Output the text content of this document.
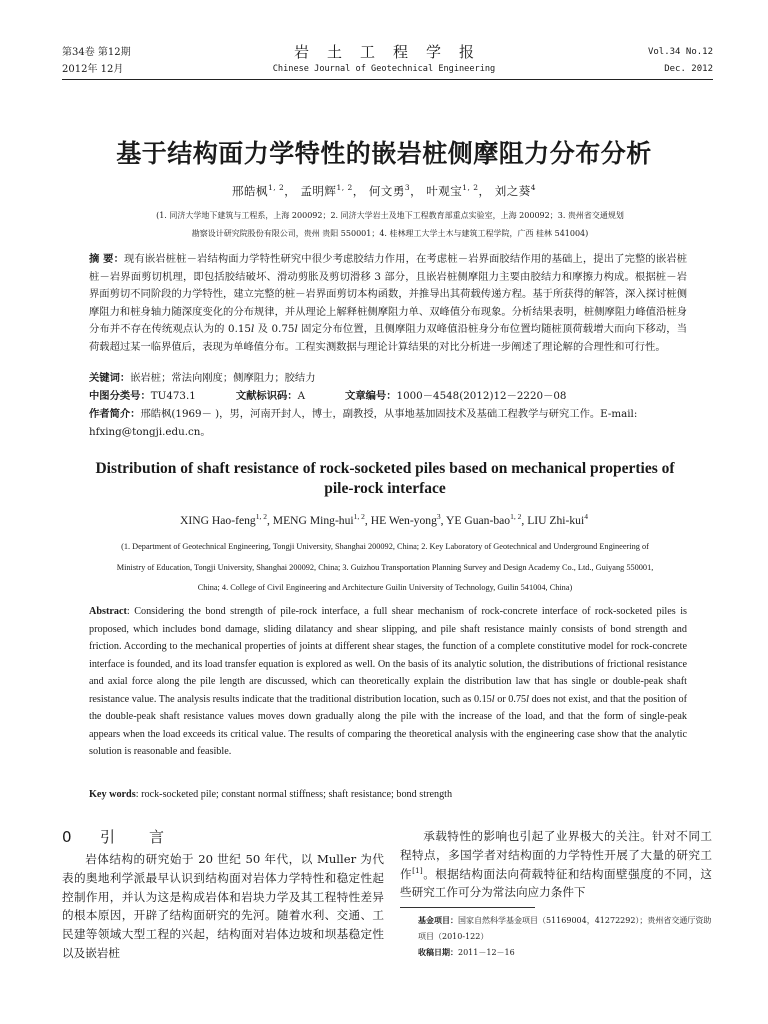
第34卷 第12期
2012年 12月
岩土工程学报
Chinese Journal of Geotechnical Engineering
Vol.34 No.12
Dec. 2012
基于结构面力学特性的嵌岩桩侧摩阻力分布分析
邢皓枫$^{1, 2}$， 孟明辉$^{1, 2}$， 何文勇$^3$， 叶观宝$^{1, 2}$， 刘之葵$^4$
(1. 同济大学地下建筑与工程系，上海 200092；2. 同济大学岩土及地下工程教育部重点实验室，上海 200092；3. 贵州省交通规划
勘察设计研究院股份有限公司，贵州 贵阳 550001；4. 桂林理工大学土木与建筑工程学院，广西 桂林 541004)
摘 要：现有嵌岩桩桩－岩结构面力学特性研究中很少考虑胶结力作用，在考虑桩－岩界面胶结作用的基础上，提出了完整的嵌岩桩桩－岩界面剪切机理，即包括胶结破坏、滑动剪胀及剪切滑移 3 部分，且嵌岩桩侧摩阻力主要由胶结力和摩擦力构成。根据桩－岩界面剪切不同阶段的力学特性，建立完整的桩－岩界面剪切本构函数，并推导出其荷载传递方程。基于所获得的解答，深入探讨桩侧摩阻力和桩身轴力随深度变化的分布规律，并从理论上解释桩侧摩阻力单、双峰值分布现象。分析结果表明，桩侧摩阻力峰值沿桩身分布并不存在传统观点认为的 0.15l 及 0.75l 固定分布位置，且侧摩阻力双峰值沿桩身分布位置均随桩顶荷载增大而向下移动，当荷载超过某一临界值后，表现为单峰值分布。工程实测数据与理论计算结果的对比分析进一步阐述了理论解的合理性和可行性。
关键词：嵌岩桩；常法向刚度；侧摩阻力；胶结力
中图分类号：TU473.1	文献标识码：A	文章编号：1000－4548(2012)12－2220－08
作者简介：邢皓枫(1969－ )，男，河南开封人，博士，副教授，从事地基加固技术及基础工程教学与研究工作。E-mail: hfxing@tongji.edu.cn。
Distribution of shaft resistance of rock-socketed piles based on mechanical properties of pile-rock interface
XING Hao-feng$^{1, 2}$, MENG Ming-hui$^{1, 2}$, HE Wen-yong$^3$, YE Guan-bao$^{1, 2}$, LIU Zhi-kui$^4$
(1. Department of Geotechnical Engineering, Tongji University, Shanghai 200092, China; 2. Key Laboratory of Geotechnical and Underground Engineering of Ministry of Education, Tongji University, Shanghai 200092, China; 3. Guizhou Transportation Planning Survey and Design Academy Co., Ltd., Guiyang 550001, China; 4. College of Civil Engineering and Architecture Guilin University of Technology, Guilin 541004, China)
Abstract: Considering the bond strength of pile-rock interface, a full shear mechanism of rock-concrete interface of rock-socketed piles is proposed, which includes bond damage, sliding dilatancy and shear slipping, and pile shaft resistance mainly consists of bond strength and friction. According to the mechanical properties of joints at different shear stages, the function of a complete constitutive model for rock-concrete interface is founded, and its load transfer equation is explored as well. On the basis of its analytic solution, the distributions of frictional resistance and axial force along the pile length are discussed, which can theoretically explain the distribution law that has single or double-peak shaft resistance value. The analysis results indicate that the traditional distribution location, such as 0.15l or 0.75l does not exist, and that the position of the double-peak shaft resistance values moves down gradually along the pile with the increase of the load, and that the form of single-peak appears when the load exceeds its critical value. The results of comparing the theoretical analysis with the engineering case show that the analytic solution is reasonable and feasible.
Key words: rock-socketed pile; constant normal stiffness; shaft resistance; bond strength
0 引言
岩体结构的研究始于 20 世纪 50 年代，以 Muller 为代表的奥地利学派最早认识到结构面对岩体力学特性和稳定性起控制作用，并认为这是构成岩体和岩块力学及其工程特性差异的根本原因，开辟了结构面研究的先河。随着水利、交通、工民建等领域大型工程的兴起，结构面对岩体边坡和坝基稳定性以及嵌岩桩
承载特性的影响也引起了业界极大的关注。针对不同工程特点，多国学者对结构面的力学特性开展了大量的研究工作[1]。根据结构面法向荷载特征和结构面壁强度的不同，这些研究工作可分为常法向应力条件下
基金项目：国家自然科学基金项目（51169004，41272292）；贵州省交通厅资助项目（2010-122）
收稿日期：2011－12－16
